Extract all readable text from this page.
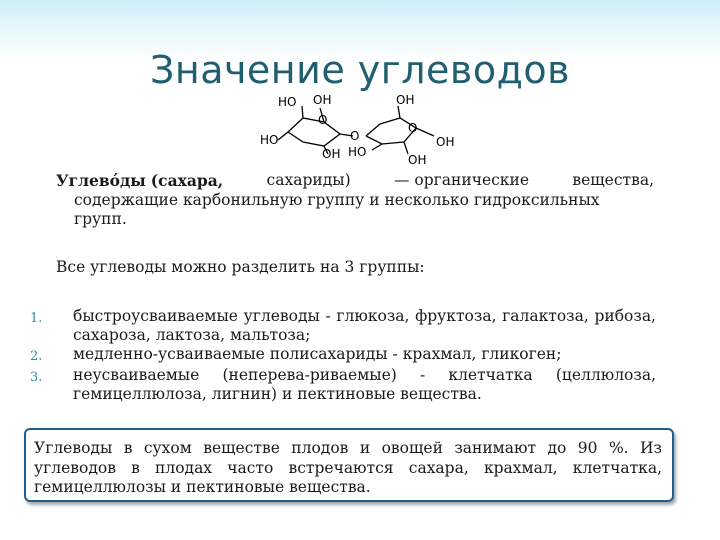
Значение углеводов
HO OH	OH
O
HO	O
O
OH
OH HO
OH
Углево́ды (сахара,	сахариды)	— органические	вещества,
содержащие карбонильную группу и несколько гидроксильных групп.
Все углеводы можно разделить на 3 группы:
1.	быстроусваиваемые углеводы - глюкоза, фруктоза, галактоза, рибоза, сахароза, лактоза, мальтоза;
2.	медленно-усваиваемые полисахариды - крахмал, гликоген;
3.	неусваиваемые (неперева-риваемые) - клетчатка (целлюлоза, гемицеллюлоза, лигнин) и пектиновые вещества.
Углеводы в сухом веществе плодов и овощей занимают до 90 %. Из углеводов в плодах часто встречаются сахара, крахмал, клетчатка, гемицеллюлозы и пектиновые вещества.
